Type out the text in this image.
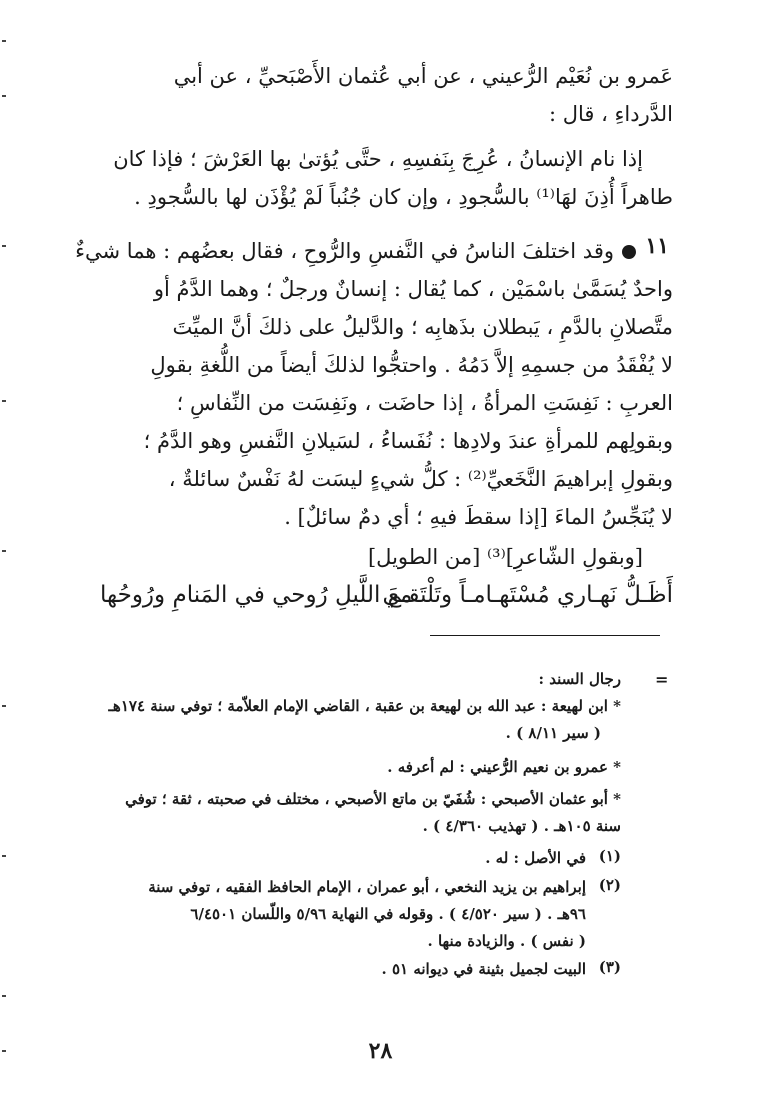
عَمرو بن نُعَيْم الرُّعيني ، عن أبي عُثمان الأَصْبَحيِّ ، عن أبي
الدَّرداءِ ، قال :
إذا نام الإنسانُ ، عُرِجَ بِنَفسِهِ ، حتَّى يُؤتىٰ بها العَرْشَ ؛ فإذا كان
طاهراً أُذِنَ لهَا⁽¹⁾ بالسُّجودِ ، وإن كان جُنُباً لَمْ يُؤْذَن لها بالسُّجودِ .
١١
وقد اختلفَ الناسُ في النَّفسِ والرُّوحِ ، فقال بعضُهم : هما شيءٌ
واحدٌ يُسَمَّىٰ باسْمَيْن ، كما يُقال : إنسانٌ ورجلٌ ؛ وهما الدَّمُ أو
متَّصلانِ بالدَّمِ ، يَبطلان بذَهابِه ؛ والدَّليلُ على ذلكَ أنَّ الميِّتَ
لا يُفْقَدُ من جسمِهِ إلاَّ دَمُهُ . واحتجُّوا لذلكَ أيضاً من اللُّغةِ بقولِ
العربِ : نَفِسَتِ المرأةُ ، إذا حاضَت ، ونَفِسَت من النِّفاسِ ؛
وبقولِهم للمرأةِ عندَ ولادِها : نُفَساءُ ، لسَيلانِ النَّفسِ وهو الدَّمُ ؛
وبقولِ إبراهيمَ النَّخَعيِّ⁽²⁾ : كلُّ شيءٍ ليسَت لهُ نَفْسٌ سائلةٌ ،
لا يُنَجِّسُ الماءَ [إذا سقطَ فيهِ ؛ أي دمٌ سائلٌ] .
[وبقولِ الشّاعرِ]⁽³⁾ [من الطويل]
أَظَـلُّ نَهـاري مُسْتَهـامـاً وتَلْتَقـي
معَ اللَّيلِ رُوحي في المَنامِ ورُوحُها
=
رجال السند :
* ابن لهيعة : عبد الله بن لهيعة بن عقبة ، القاضي الإمام العلاّمة ؛ توفي سنة ١٧٤هـ
( سير ٨/١١ ) .
* عمرو بن نعيم الرُّعيني : لم أعرفه .
* أبو عثمان الأصبحي : شُفَيّ بن ماتع الأصبحي ، مختلف في صحبته ، ثقة ؛ توفي
سنة ١٠٥هـ . ( تهذيب ٤/٣٦٠ ) .
(١)
في الأصل : له .
(٢)
إبراهيم بن يزيد النخعي ، أبو عمران ، الإمام الحافظ الفقيه ، توفي سنة
٩٦هـ . ( سير ٤/٥٢٠ ) . وقوله في النهاية ٥/٩٦ واللّسان ٦/٤٥٠١
( نفس ) . والزيادة منها .
(٣)
البيت لجميل بثينة في ديوانه ٥١ .
٢٨
